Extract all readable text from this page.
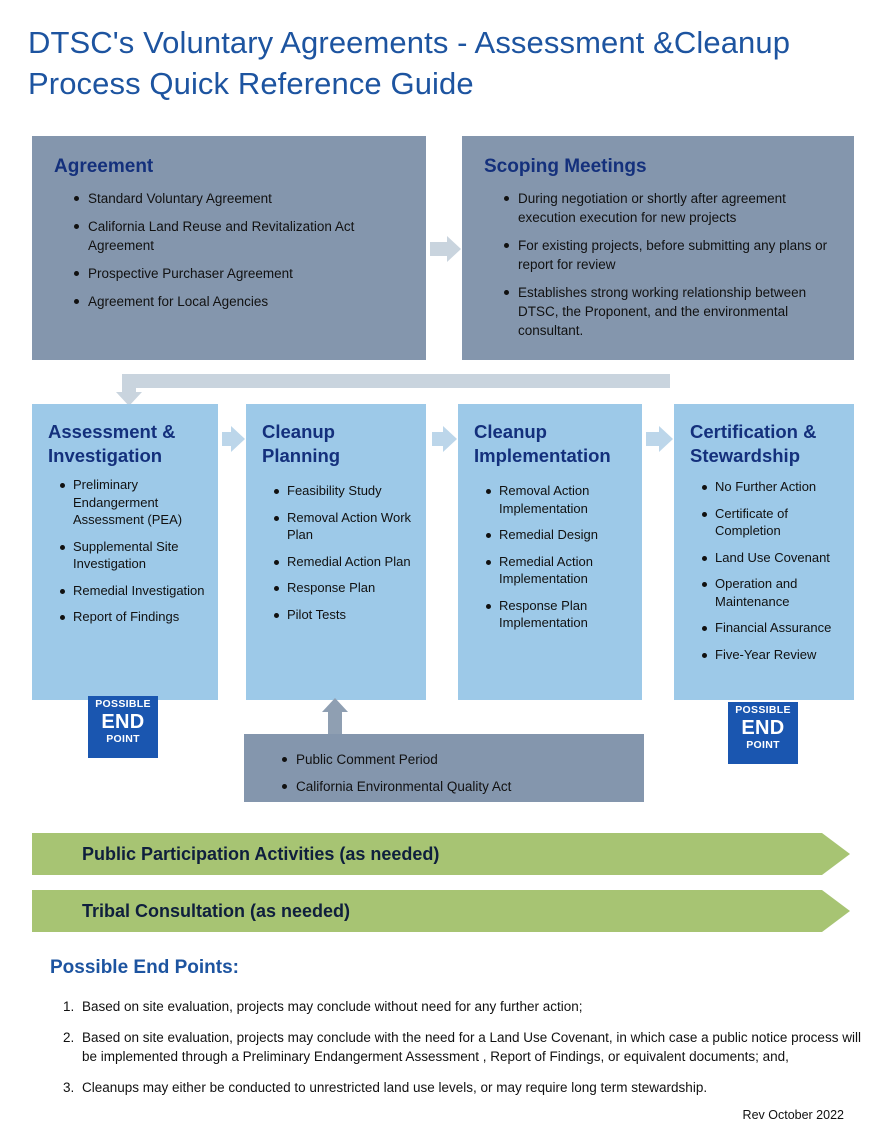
DTSC's Voluntary Agreements - Assessment &Cleanup Process Quick Reference Guide
Agreement
Standard Voluntary Agreement
California Land Reuse and Revitalization Act Agreement
Prospective Purchaser Agreement
Agreement for Local Agencies
Scoping Meetings
During negotiation or shortly after agreement execution execution for new projects
For existing projects, before submitting any plans or report for review
Establishes strong working relationship between DTSC, the Proponent, and the environmental consultant.
Assessment & Investigation
Preliminary Endangerment Assessment (PEA)
Supplemental Site Investigation
Remedial Investigation
Report of Findings
Cleanup Planning
Feasibility Study
Removal Action Work Plan
Remedial Action Plan
Response Plan
Pilot Tests
Cleanup Implementation
Removal Action Implementation
Remedial Design
Remedial Action Implementation
Response Plan Implementation
Certification & Stewardship
No Further Action
Certificate of Completion
Land Use Covenant
Operation and Maintenance
Financial Assurance
Five-Year Review
POSSIBLE
END
POINT
POSSIBLE
END
POINT
Public Comment Period
California Environmental Quality Act
Public Participation Activities (as needed)
Tribal Consultation (as needed)
Possible End Points:
1. Based on site evaluation, projects may conclude without need for any further action;
2. Based on site evaluation, projects may conclude with the need for a Land Use Covenant, in which case a public notice process will be implemented through a Preliminary Endangerment Assessment , Report of Findings, or equivalent documents; and,
3. Cleanups may either be conducted to unrestricted land use levels, or may require long term stewardship.
Rev October 2022
